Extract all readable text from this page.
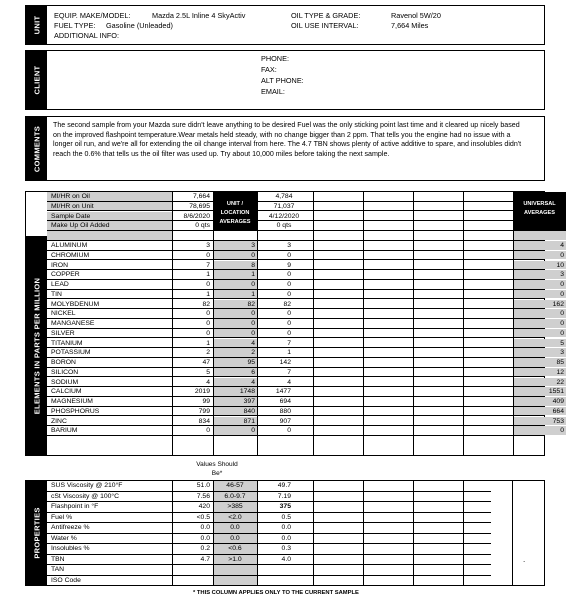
UNIT
EQUIP. MAKE/MODEL:	Mazda 2.5L Inline 4 SkyActiv
FUEL TYPE: Gasoline (Unleaded)
ADDITIONAL INFO:
OIL TYPE & GRADE:	Ravenol 5W/20
OIL USE INTERVAL:	7,664 Miles
CLIENT
PHONE:
FAX:
ALT PHONE:
EMAIL:
COMMENTS
The second sample from your Mazda sure didn't leave anything to be desired Fuel was the only sticking point last time and it cleared up nicely based on the improved flashpoint temperature.Wear metals held steady, with no change bigger than 2 ppm. That tells you the engine had no issue with a longer oil run, and we're all for extending the oil change interval from here. The 4.7 TBN shows plenty of active additive to spare, and insolubles didn't reach the 0.6% that tells us the oil filter was used up. Try about 10,000 miles before taking the next sample.
ELEMENTS IN PARTS PER MILLION
MI/HR on Oil	7,664	4,784
MI/HR on Unit	78,695	71,037
Sample Date	8/6/2020	4/12/2020
Make Up Oil Added	0 qts	0 qts
UNIT / LOCATION AVERAGES
UNIVERSAL AVERAGES
ALUMINUM	3	3	3	4
CHROMIUM	0	0	0	0
IRON	7	8	9	10
COPPER	1	1	0	3
LEAD	0	0	0	0
TIN	1	1	0	0
MOLYBDENUM	82	82	82	162
NICKEL	0	0	0	0
MANGANESE	0	0	0	0
SILVER	0	0	0	0
TITANIUM	1	4	7	5
POTASSIUM	2	2	1	3
BORON	47	95	142	85
SILICON	5	6	7	12
SODIUM	4	4	4	22
CALCIUM	2019	1748	1477	1551
MAGNESIUM	99	397	694	409
PHOSPHORUS	799	840	880	664
ZINC	834	871	907	753
BARIUM	0	0	0	0
Values Should Be*
PROPERTIES
SUS Viscosity @ 210°F	51.0	46-57	49.7
cSt Viscosity @ 100°C	7.56	6.0-9.7	7.19
Flashpoint in °F	420	>385	375
Fuel %	<0.5	<2.0	0.5
Antifreeze %	0.0	0.0	0.0
Water %	0.0	0.0	0.0
Insolubles %	0.2	<0.6	0.3
TBN	4.7	>1.0	4.0
TAN
ISO Code
.
* THIS COLUMN APPLIES ONLY TO THE CURRENT SAMPLE
